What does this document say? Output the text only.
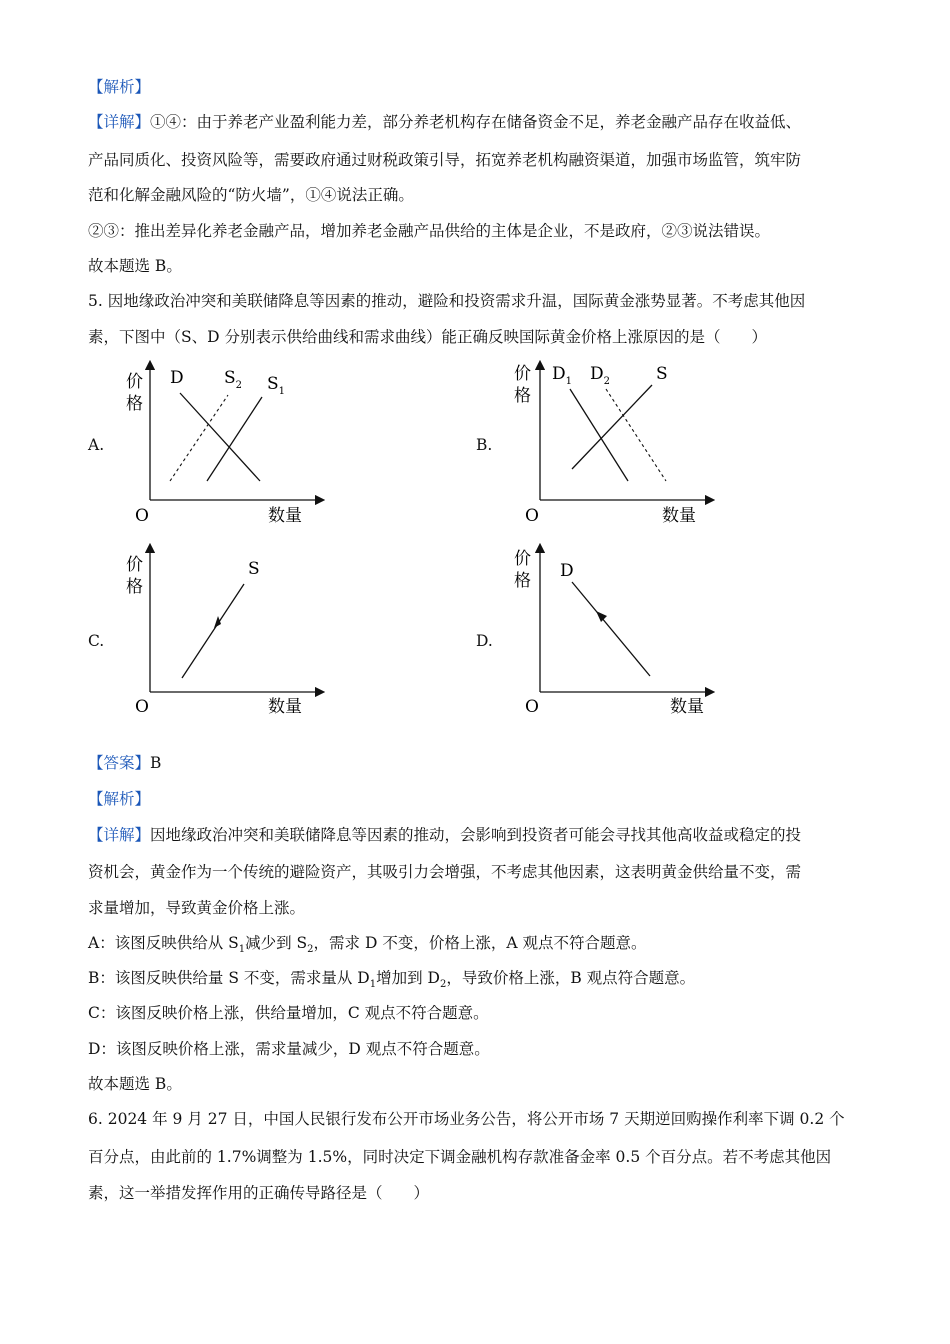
【解析】
【详解】①④：由于养老产业盈利能力差，部分养老机构存在储备资金不足，养老金融产品存在收益低、
产品同质化、投资风险等，需要政府通过财税政策引导，拓宽养老机构融资渠道，加强市场监管，筑牢防
范和化解金融风险的“防火墙”，①④说法正确。
②③：推出差异化养老金融产品，增加养老金融产品供给的主体是企业，不是政府，②③说法错误。
故本题选 B。
5. 因地缘政治冲突和美联储降息等因素的推动，避险和投资需求升温，国际黄金涨势显著。不考虑其他因
素，下图中（S、D 分别表示供给曲线和需求曲线）能正确反映国际黄金价格上涨原因的是（　　）
A.	B.
C.	D.
价
格
O	数量
D $S_2$ $S_1$
价
格
O	数量
$D_1$ $D_2$	S
价
格
O	数量
S	价
格
O	数量
D
【答案】B
【解析】
【详解】因地缘政治冲突和美联储降息等因素的推动，会影响到投资者可能会寻找其他高收益或稳定的投
资机会，黄金作为一个传统的避险资产，其吸引力会增强，不考虑其他因素，这表明黄金供给量不变，需
求量增加，导致黄金价格上涨。
A：该图反映供给从 $S_1$减少到 $S_2$，需求 D 不变，价格上涨，A 观点不符合题意。
B：该图反映供给量 S 不变，需求量从 $D_1$增加到 $D_2$，导致价格上涨，B 观点符合题意。
C：该图反映价格上涨，供给量增加，C 观点不符合题意。
D：该图反映价格上涨，需求量减少，D 观点不符合题意。
故本题选 B。
6. 2024 年 9 月 27 日，中国人民银行发布公开市场业务公告，将公开市场 7 天期逆回购操作利率下调 0.2 个
百分点，由此前的 1.7%调整为 1.5%，同时决定下调金融机构存款准备金率 0.5 个百分点。若不考虑其他因
素，这一举措发挥作用的正确传导路径是（　　）
